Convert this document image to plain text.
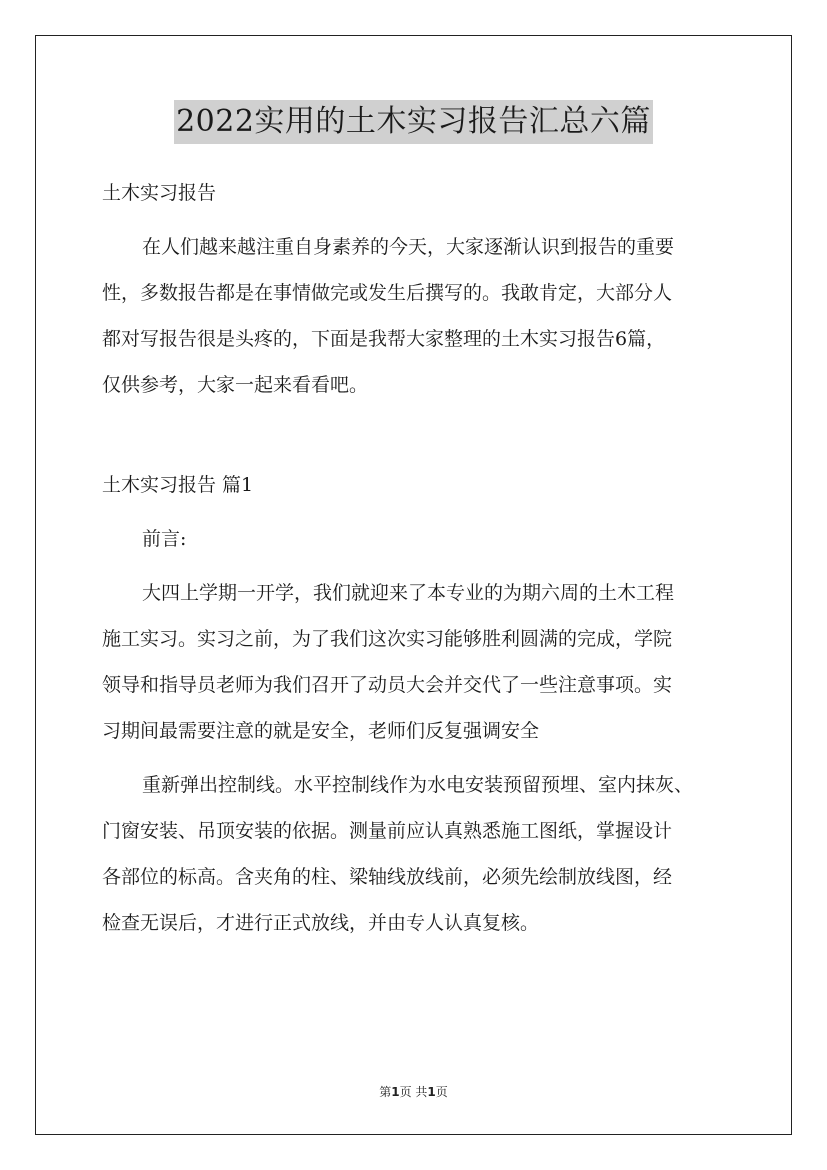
2022实用的土木实习报告汇总六篇
土木实习报告
在人们越来越注重自身素养的今天，大家逐渐认识到报告的重要
性，多数报告都是在事情做完或发生后撰写的。我敢肯定，大部分人
都对写报告很是头疼的，下面是我帮大家整理的土木实习报告6篇，
仅供参考，大家一起来看看吧。
土木实习报告 篇1
前言:
大四上学期一开学，我们就迎来了本专业的为期六周的土木工程
施工实习。实习之前，为了我们这次实习能够胜利圆满的完成，学院
领导和指导员老师为我们召开了动员大会并交代了一些注意事项。实
习期间最需要注意的就是安全，老师们反复强调安全
重新弹出控制线。水平控制线作为水电安装预留预埋、室内抹灰、
门窗安装、吊顶安装的依据。测量前应认真熟悉施工图纸，掌握设计
各部位的标高。含夹角的柱、梁轴线放线前，必须先绘制放线图，经
检查无误后，才进行正式放线，并由专人认真复核。
第1页 共1页
